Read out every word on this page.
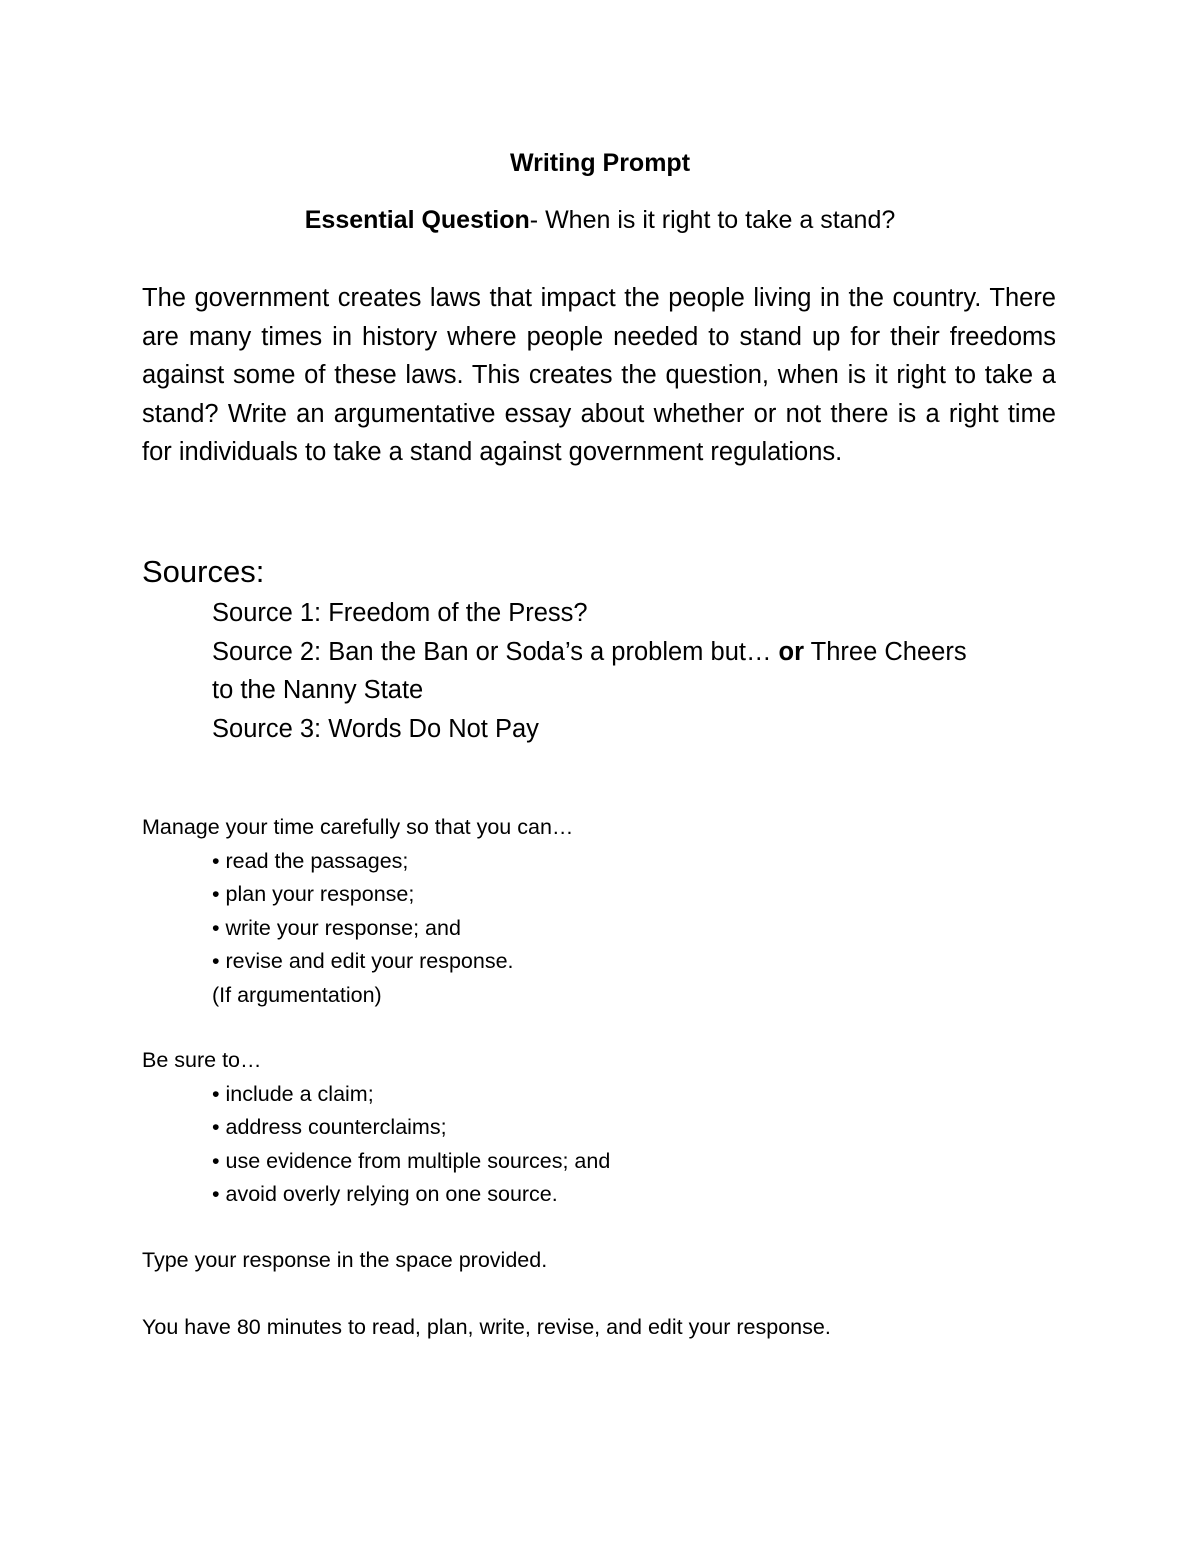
Writing Prompt
Essential Question- When is it right to take a stand?
The government creates laws that impact the people living in the country. There are many times in history where people needed to stand up for their freedoms against some of these laws. This creates the question, when is it right to take a stand? Write an argumentative essay about whether or not there is a right time for individuals to take a stand against government regulations.
Sources:
Source 1: Freedom of the Press?
Source 2: Ban the Ban or Soda’s a problem but… or Three Cheers
to the Nanny State
Source 3: Words Do Not Pay
Manage your time carefully so that you can…
• read the passages;
• plan your response;
• write your response; and
• revise and edit your response.
(If argumentation)
Be sure to…
• include a claim;
• address counterclaims;
• use evidence from multiple sources; and
• avoid overly relying on one source.
Type your response in the space provided.
You have 80 minutes to read, plan, write, revise, and edit your response.
